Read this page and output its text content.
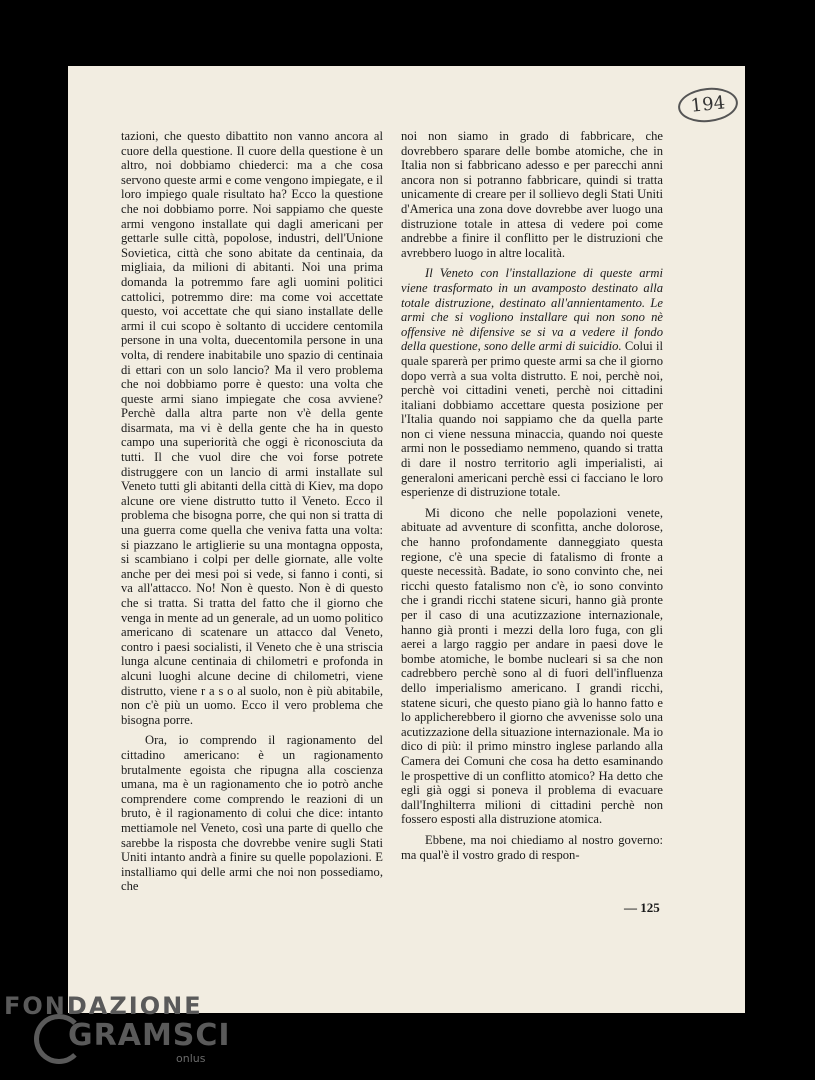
194

tazioni, che questo dibattito non vanno ancora al cuore della questione. Il cuore della questione è un altro, noi dobbiamo chiederci: ma a che cosa servono queste armi e come vengono impiegate, e il loro impiego quale risultato ha? Ecco la questione che noi dobbiamo porre. Noi sappiamo che queste armi vengono installate qui dagli americani per gettarle sulle città, popolose, industri, dell'Unione Sovietica, città che sono abitate da centinaia, da migliaia, da milioni di abitanti. Noi una prima domanda la potremmo fare agli uomini politici cattolici, potremmo dire: ma come voi accettate questo, voi accettate che qui siano installate delle armi il cui scopo è soltanto di uccidere centomila persone in una volta, duecentomila persone in una volta, di rendere inabitabile uno spazio di centinaia di ettari con un solo lancio? Ma il vero problema che noi dobbiamo porre è questo: una volta che queste armi siano impiegate che cosa avviene? Perchè dalla altra parte non v'è della gente disarmata, ma vi è della gente che ha in questo campo una superiorità che oggi è riconosciuta da tutti. Il che vuol dire che voi forse potrete distruggere con un lancio di armi installate sul Veneto tutti gli abitanti della città di Kiev, ma dopo alcune ore viene distrutto tutto il Veneto. Ecco il problema che bisogna porre, che qui non si tratta di una guerra come quella che veniva fatta una volta: si piazzano le artiglierie su una montagna opposta, si scambiano i colpi per delle giornate, alle volte anche per dei mesi poi si vede, si fanno i conti, si va all'attacco. No! Non è questo. Non è di questo che si tratta. Si tratta del fatto che il giorno che venga in mente ad un generale, ad un uomo politico americano di scatenare un attacco dal Veneto, contro i paesi socialisti, il Veneto che è una striscia lunga alcune centinaia di chilometri e profonda in alcuni luoghi alcune decine di chilometri, viene distrutto, viene r a s o al suolo, non è più abitabile, non c'è più un uomo. Ecco il vero problema che bisogna porre.

Ora, io comprendo il ragionamento del cittadino americano: è un ragionamento brutalmente egoista che ripugna alla coscienza umana, ma è un ragionamento che io potrò anche comprendere come comprendo le reazioni di un bruto, è il ragionamento di colui che dice: intanto mettiamole nel Veneto, così una parte di quello che sarebbe la risposta che dovrebbe venire sugli Stati Uniti intanto andrà a finire su quelle popolazioni. E installiamo qui delle armi che noi non possediamo, che

noi non siamo in grado di fabbricare, che dovrebbero sparare delle bombe atomiche, che in Italia non si fabbricano adesso e per parecchi anni ancora non si potranno fabbricare, quindi si tratta unicamente di creare per il sollievo degli Stati Uniti d'America una zona dove dovrebbe aver luogo una distruzione totale in attesa di vedere poi come andrebbe a finire il conflitto per le distruzioni che avrebbero luogo in altre località.

Il Veneto con l'installazione di queste armi viene trasformato in un avamposto destinato alla totale distruzione, destinato all'annientamento. Le armi che si vogliono installare qui non sono nè offensive nè difensive se si va a vedere il fondo della questione, sono delle armi di suicidio. Colui il quale sparerà per primo queste armi sa che il giorno dopo verrà a sua volta distrutto. E noi, perchè noi, perchè voi cittadini veneti, perchè noi cittadini italiani dobbiamo accettare questa posizione per l'Italia quando noi sappiamo che da quella parte non ci viene nessuna minaccia, quando noi queste armi non le possediamo nemmeno, quando si tratta di dare il nostro territorio agli imperialisti, ai generaloni americani perchè essi ci facciano le loro esperienze di distruzione totale.

Mi dicono che nelle popolazioni venete, abituate ad avventure di sconfitta, anche dolorose, che hanno profondamente danneggiato questa regione, c'è una specie di fatalismo di fronte a queste necessità. Badate, io sono convinto che, nei ricchi questo fatalismo non c'è, io sono convinto che i grandi ricchi statene sicuri, hanno già pronte per il caso di una acutizzazione internazionale, hanno già pronti i mezzi della loro fuga, con gli aerei a largo raggio per andare in paesi dove le bombe atomiche, le bombe nucleari si sa che non cadrebbero perchè sono al di fuori dell'influenza dello imperialismo americano. I grandi ricchi, statene sicuri, che questo piano già lo hanno fatto e lo applicherebbero il giorno che avvenisse solo una acutizzazione della situazione internazionale. Ma io dico di più: il primo minstro inglese parlando alla Camera dei Comuni che cosa ha detto esaminando le prospettive di un conflitto atomico? Ha detto che egli già oggi si poneva il problema di evacuare dall'Inghilterra milioni di cittadini perchè non fossero esposti alla distruzione atomica.

Ebbene, ma noi chiediamo al nostro governo: ma qual'è il vostro grado di respon-

— 125
FONDAZIONE
GRAMSCI
onlus
